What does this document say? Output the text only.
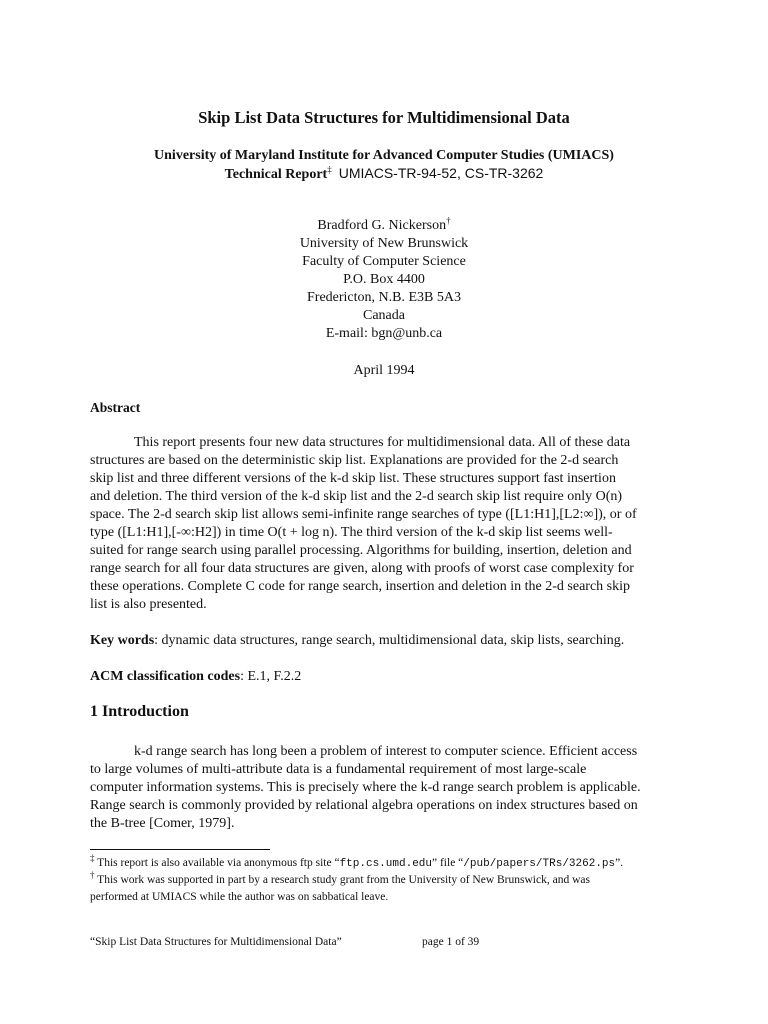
Skip List Data Structures for Multidimensional Data
University of Maryland Institute for Advanced Computer Studies (UMIACS)
Technical Report‡ UMIACS-TR-94-52, CS-TR-3262
Bradford G. Nickerson†
University of New Brunswick
Faculty of Computer Science
P.O. Box 4400
Fredericton, N.B. E3B 5A3
Canada
E-mail: bgn@unb.ca
April 1994
Abstract
This report presents four new data structures for multidimensional data. All of these data
structures are based on the deterministic skip list. Explanations are provided for the 2-d search
skip list and three different versions of the k-d skip list. These structures support fast insertion
and deletion. The third version of the k-d skip list and the 2-d search skip list require only O(n)
space. The 2-d search skip list allows semi-infinite range searches of type ([L1:H1],[L2:∞]), or of
type ([L1:H1],[-∞:H2]) in time O(t + log n). The third version of the k-d skip list seems well-
suited for range search using parallel processing. Algorithms for building, insertion, deletion and
range search for all four data structures are given, along with proofs of worst case complexity for
these operations. Complete C code for range search, insertion and deletion in the 2-d search skip
list is also presented.
Key words: dynamic data structures, range search, multidimensional data, skip lists, searching.
ACM classification codes: E.1, F.2.2
1 Introduction
k-d range search has long been a problem of interest to computer science. Efficient access
to large volumes of multi-attribute data is a fundamental requirement of most large-scale
computer information systems. This is precisely where the k-d range search problem is applicable.
Range search is commonly provided by relational algebra operations on index structures based on
the B-tree [Comer, 1979].
‡ This report is also available via anonymous ftp site “ftp.cs.umd.edu” file “/pub/papers/TRs/3262.ps”.
† This work was supported in part by a research study grant from the University of New Brunswick, and was
performed at UMIACS while the author was on sabbatical leave.
“Skip List Data Structures for Multidimensional Data”	page 1 of 39
